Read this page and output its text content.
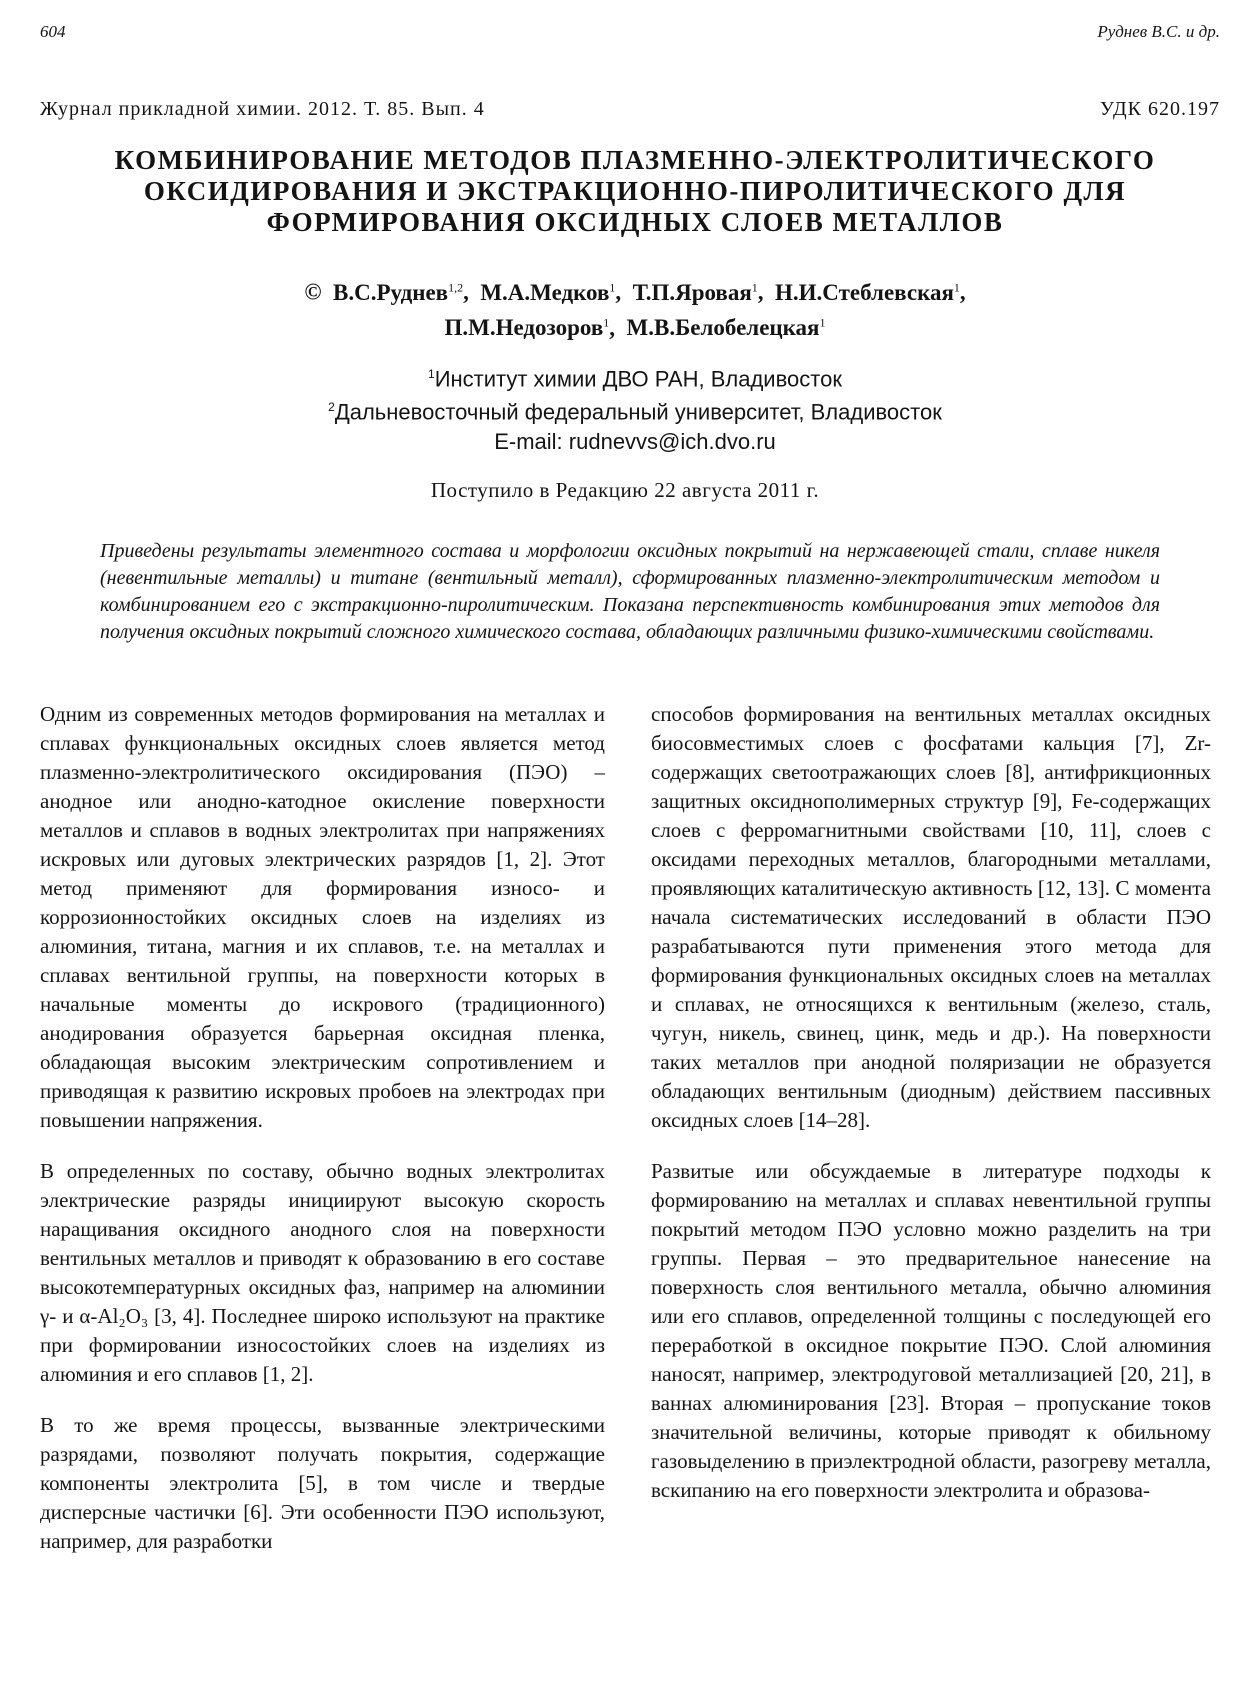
604	Руднев В.С. и др.
Журнал прикладной химии. 2012. Т. 85. Вып. 4	УДК 620.197
КОМБИНИРОВАНИЕ МЕТОДОВ ПЛАЗМЕННО-ЭЛЕКТРОЛИТИЧЕСКОГО ОКСИДИРОВАНИЯ И ЭКСТРАКЦИОННО-ПИРОЛИТИЧЕСКОГО ДЛЯ ФОРМИРОВАНИЯ ОКСИДНЫХ СЛОЕВ МЕТАЛЛОВ
© В.С.Руднев$^{1,2}$,  М.А.Медков$^1$,  Т.П.Яровая$^1$,  Н.И.Стеблевская$^1$,
П.М.Недозоров$^1$,  М.В.Белобелецкая$^1$
$^1$Институт химии ДВО РАН, Владивосток
$^2$Дальневосточный федеральный университет, Владивосток
E-mail: rudnevvs@ich.dvo.ru
Поступило в Редакцию 22 августа 2011 г.
Приведены результаты элементного состава и морфологии оксидных покрытий на нержавеющей стали, сплаве никеля (невентильные металлы) и титане (вентильный металл), сформированных плазменно-электролитическим методом и комбинированием его с экстракционно-пиролитическим. Показана перспективность комбинирования этих методов для получения оксидных покрытий сложного химического состава, обладающих различными физико-химическими свойствами.

Одним из современных методов формирования на металлах и сплавах функциональных оксидных слоев является метод плазменно-электролитического оксидирования (ПЭО) – анодное или анодно-катодное окисление поверхности металлов и сплавов в водных электролитах при напряжениях искровых или дуговых электрических разрядов [1, 2]. Этот метод применяют для формирования износо- и коррозионностойких оксидных слоев на изделиях из алюминия, титана, магния и их сплавов, т.е. на металлах и сплавах вентильной группы, на поверхности которых в начальные моменты до искрового (традиционного) анодирования образуется барьерная оксидная пленка, обладающая высоким электрическим сопротивлением и приводящая к развитию искровых пробоев на электродах при повышении напряжения.

В определенных по составу, обычно водных электролитах электрические разряды инициируют высокую скорость наращивания оксидного анодного слоя на поверхности вентильных металлов и приводят к образованию в его составе высокотемпературных оксидных фаз, например на алюминии γ- и α-Al₂O₃ [3, 4]. Последнее широко используют на практике при формировании износостойких слоев на изделиях из алюминия и его сплавов [1, 2].

В то же время процессы, вызванные электрическими разрядами, позволяют получать покрытия, содержащие компоненты электролита [5], в том числе и твердые дисперсные частички [6]. Эти особенности ПЭО используют, например, для разработки

способов формирования на вентильных металлах оксидных биосовместимых слоев с фосфатами кальция [7], Zr-содержащих светоотражающих слоев [8], антифрикционных защитных оксиднополимерных структур [9], Fe-содержащих слоев с ферромагнитными свойствами [10, 11], слоев с оксидами переходных металлов, благородными металлами, проявляющих каталитическую активность [12, 13]. С момента начала систематических исследований в области ПЭО разрабатываются пути применения этого метода для формирования функциональных оксидных слоев на металлах и сплавах, не относящихся к вентильным (железо, сталь, чугун, никель, свинец, цинк, медь и др.). На поверхности таких металлов при анодной поляризации не образуется обладающих вентильным (диодным) действием пассивных оксидных слоев [14–28].

Развитые или обсуждаемые в литературе подходы к формированию на металлах и сплавах невентильной группы покрытий методом ПЭО условно можно разделить на три группы. Первая – это предварительное нанесение на поверхность слоя вентильного металла, обычно алюминия или его сплавов, определенной толщины с последующей его переработкой в оксидное покрытие ПЭО. Слой алюминия наносят, например, электродуговой металлизацией [20, 21], в ваннах алюминирования [23]. Вторая – пропускание токов значительной величины, которые приводят к обильному газовыделению в приэлектродной области, разогреву металла, вскипанию на его поверхности электролита и образова-
